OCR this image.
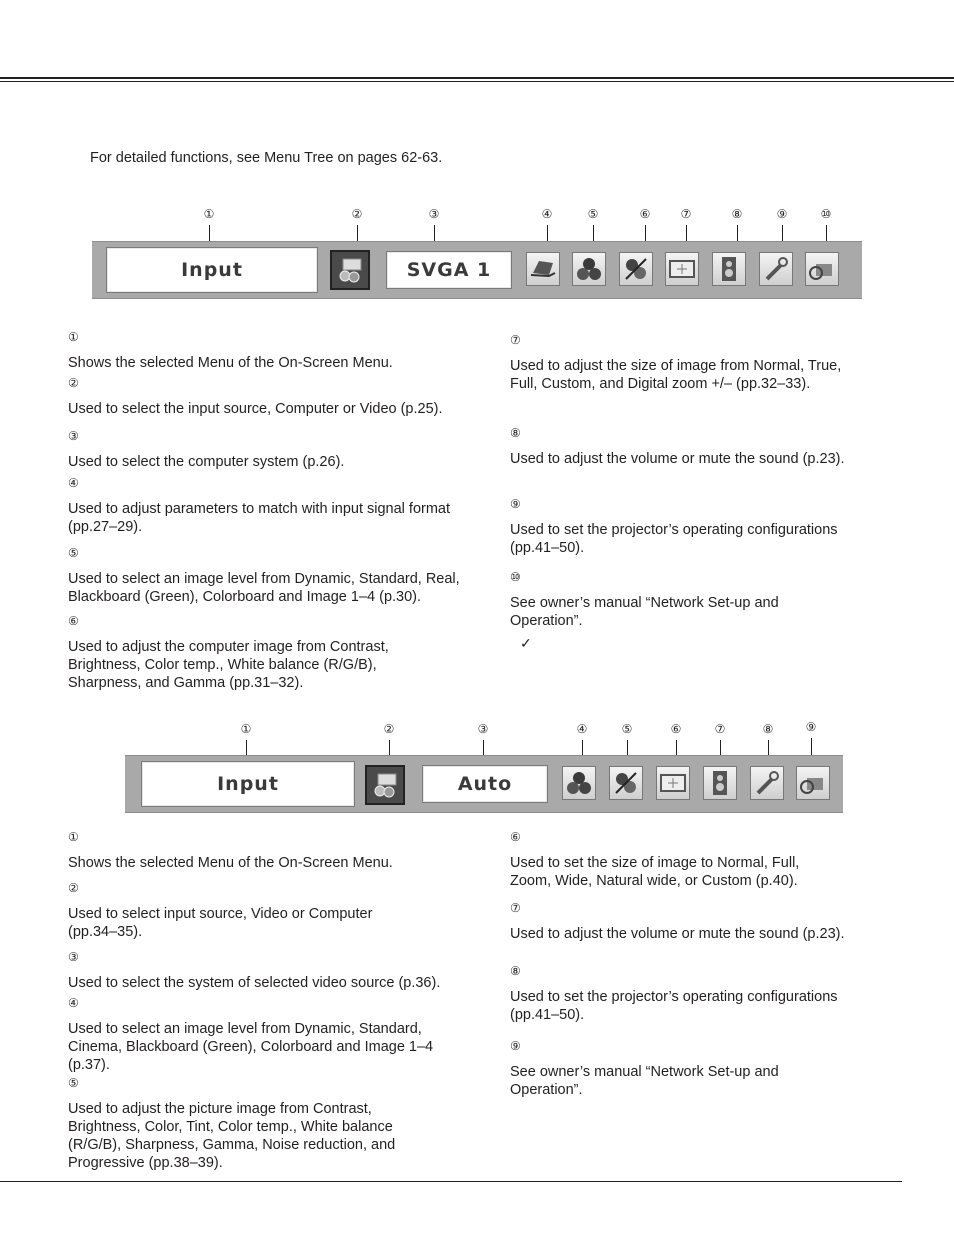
For detailed functions, see Menu Tree on pages 62-63.
①	②	③	④	⑤	⑥	⑦	⑧	⑨	⑩
Input	SVGA 1
①
Shows the selected Menu of the On-Screen Menu.
②
Used to select the input source, Computer or Video (p.25).
③
Used to select the computer system (p.26).
④
Used to adjust parameters to match with input signal format (pp.27–29).
⑤
Used to select an image level from Dynamic, Standard, Real, Blackboard (Green), Colorboard and Image 1–4 (p.30).
⑥
Used to adjust the computer image from Contrast, Brightness, Color temp., White balance (R/G/B), Sharpness, and Gamma (pp.31–32).
⑦
Used to adjust the size of image from Normal, True, Full, Custom, and Digital zoom +/– (pp.32–33).
⑧
Used to adjust the volume or mute the sound (p.23).
⑨
Used to set the projector’s operating configurations (pp.41–50).
⑩
See owner’s manual “Network Set-up and Operation”.
✓
①	②	③	④	⑤	⑥	⑦	⑧	⑨
Input	Auto
①
Shows the selected Menu of the On-Screen Menu.
②
Used to select input source, Video or Computer (pp.34–35).
③
Used to select the system of selected video source (p.36).
④
Used to select an image level from Dynamic, Standard, Cinema, Blackboard (Green), Colorboard and Image 1–4 (p.37).
⑤
Used to adjust the picture image from Contrast, Brightness, Color, Tint, Color temp., White balance (R/G/B), Sharpness, Gamma, Noise reduction, and Progressive (pp.38–39).
⑥
Used to set the size of image to Normal, Full, Zoom, Wide, Natural wide, or Custom (p.40).
⑦
Used to adjust the volume or mute the sound (p.23).
⑧
Used to set the projector’s operating configurations (pp.41–50).
⑨
See owner’s manual “Network Set-up and Operation”.
